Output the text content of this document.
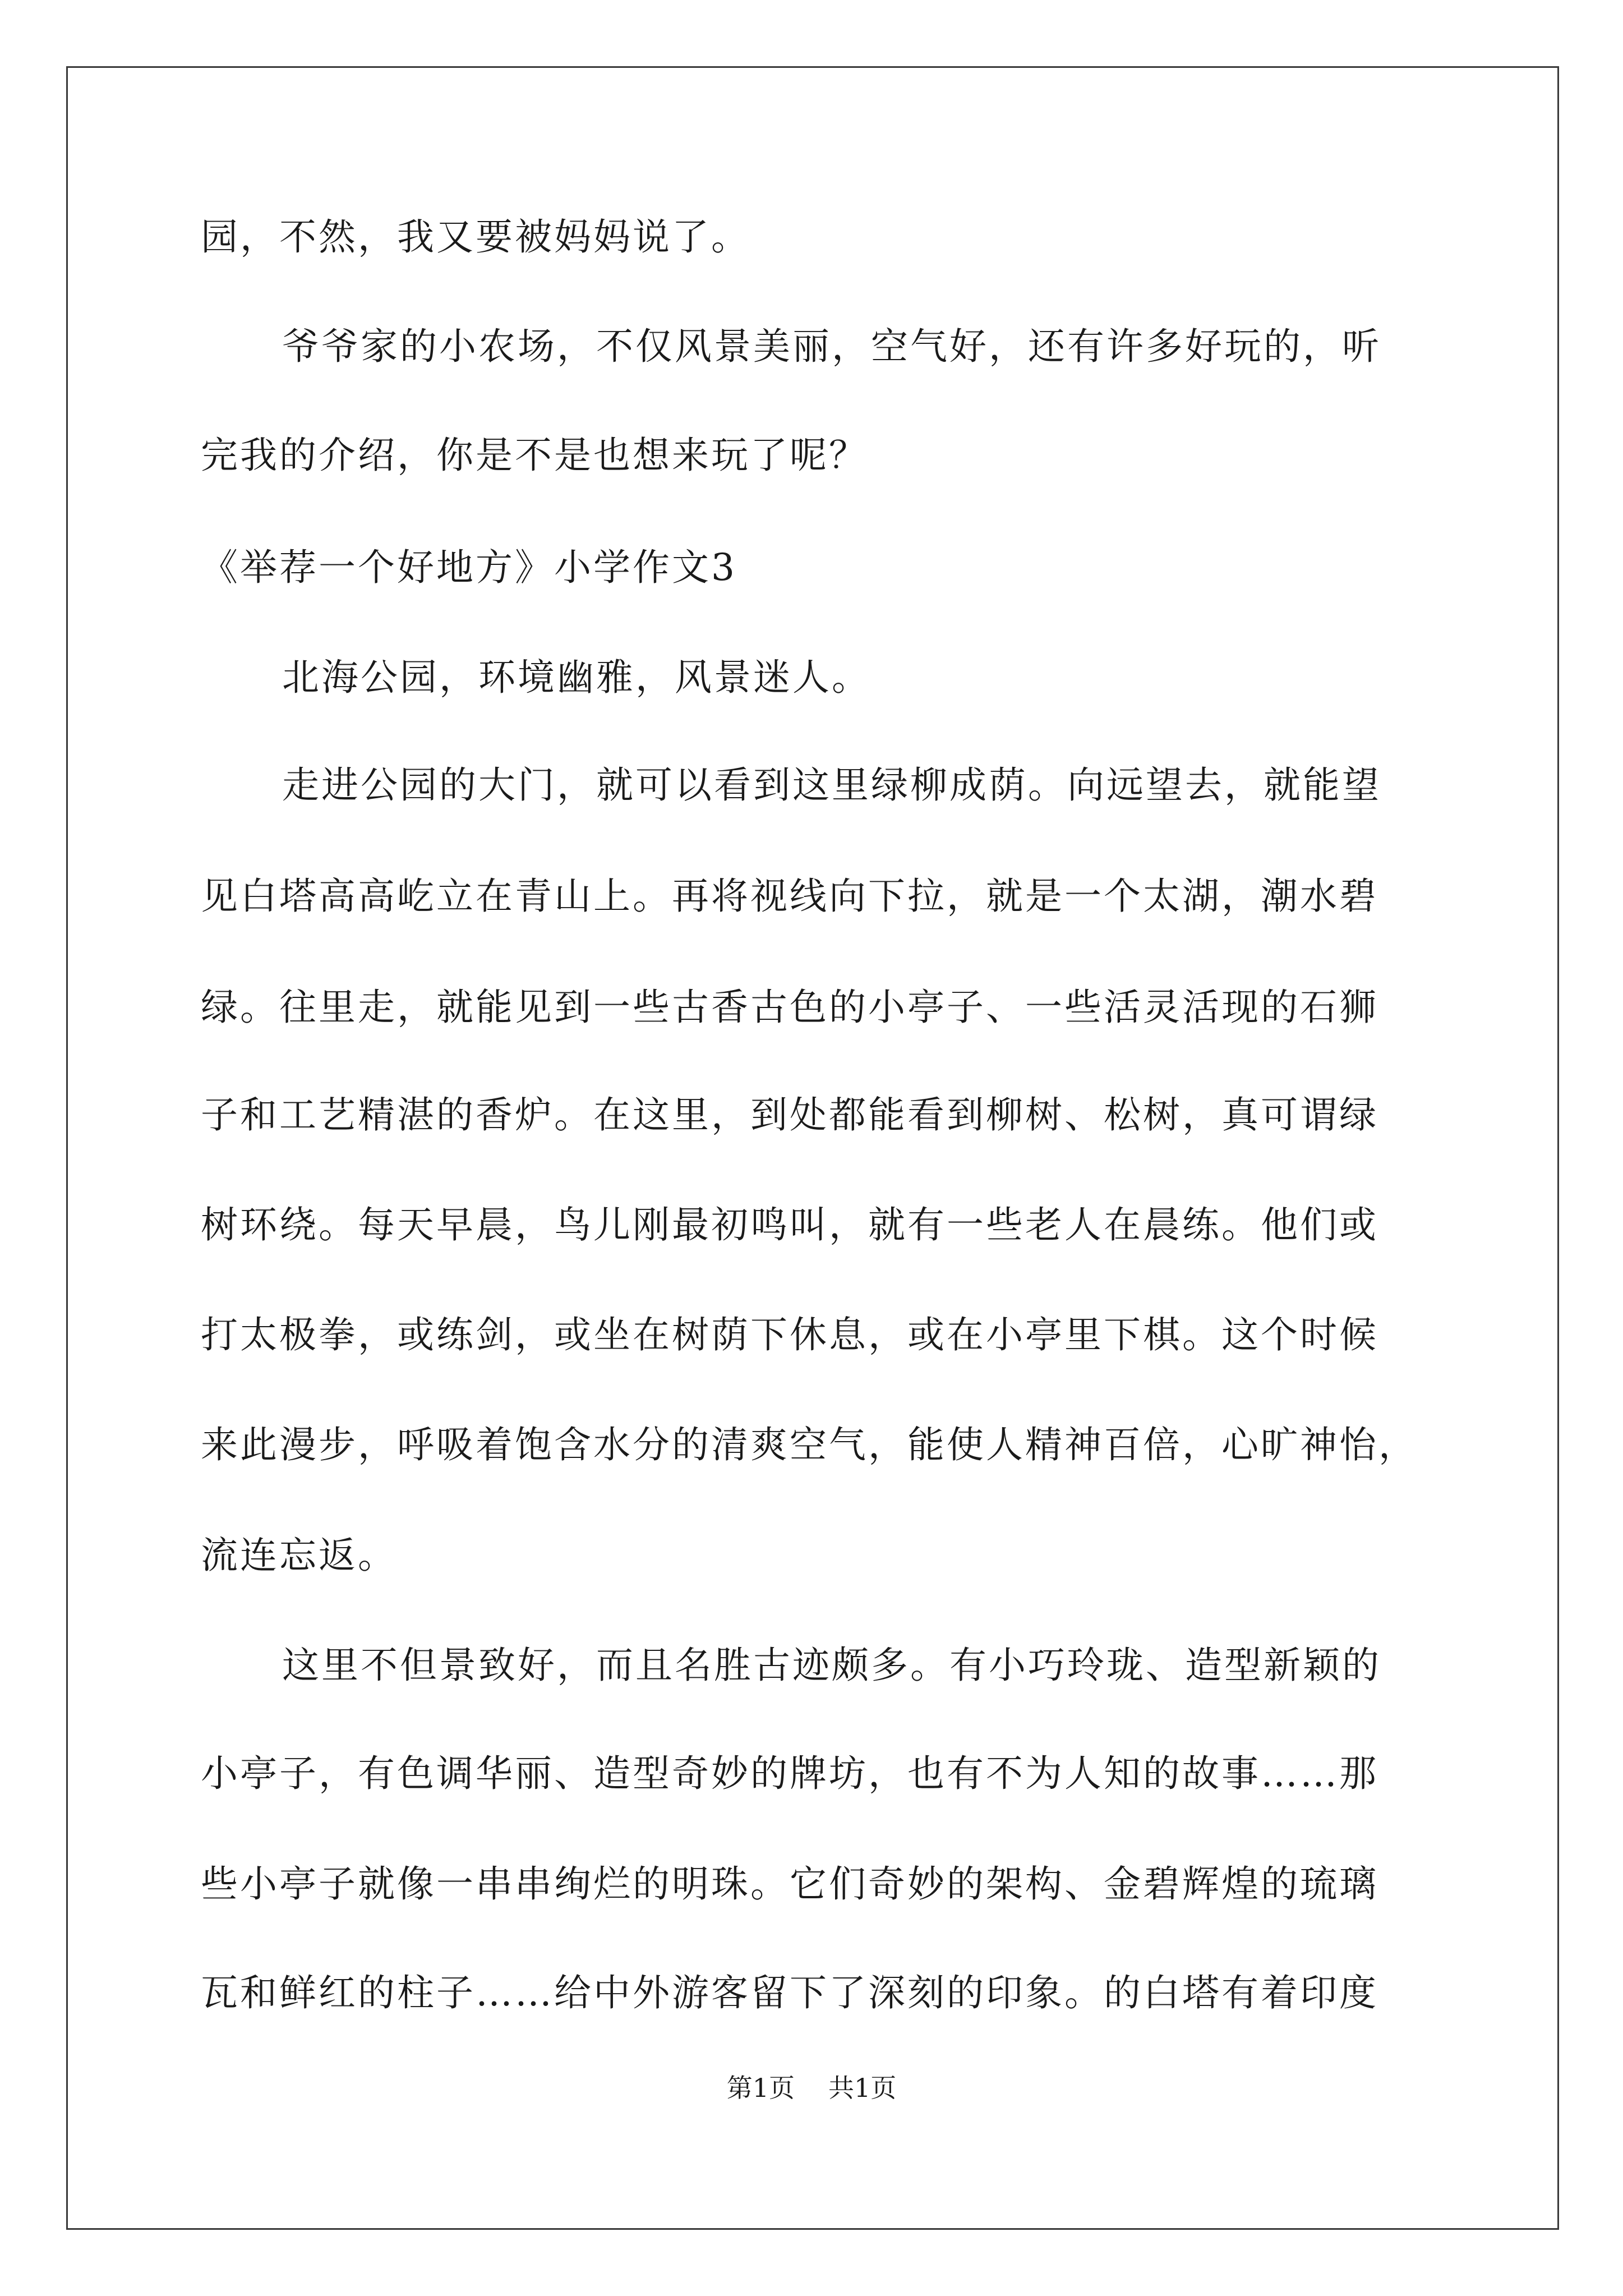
园，不然，我又要被妈妈说了。
爷爷家的小农场，不仅风景美丽，空气好，还有许多好玩的，听
完我的介绍，你是不是也想来玩了呢？
《举荐一个好地方》小学作文3
北海公园，环境幽雅，风景迷人。
走进公园的大门，就可以看到这里绿柳成荫。向远望去，就能望
见白塔高高屹立在青山上。再将视线向下拉，就是一个太湖，潮水碧
绿。往里走，就能见到一些古香古色的小亭子、一些活灵活现的石狮
子和工艺精湛的香炉。在这里，到处都能看到柳树、松树，真可谓绿
树环绕。每天早晨，鸟儿刚最初鸣叫，就有一些老人在晨练。他们或
打太极拳，或练剑，或坐在树荫下休息，或在小亭里下棋。这个时候
来此漫步，呼吸着饱含水分的清爽空气，能使人精神百倍，心旷神怡，
流连忘返。
这里不但景致好，而且名胜古迹颇多。有小巧玲珑、造型新颖的
小亭子，有色调华丽、造型奇妙的牌坊，也有不为人知的故事……那
些小亭子就像一串串绚烂的明珠。它们奇妙的架构、金碧辉煌的琉璃
瓦和鲜红的柱子……给中外游客留下了深刻的印象。的白塔有着印度
第1页 共1页
